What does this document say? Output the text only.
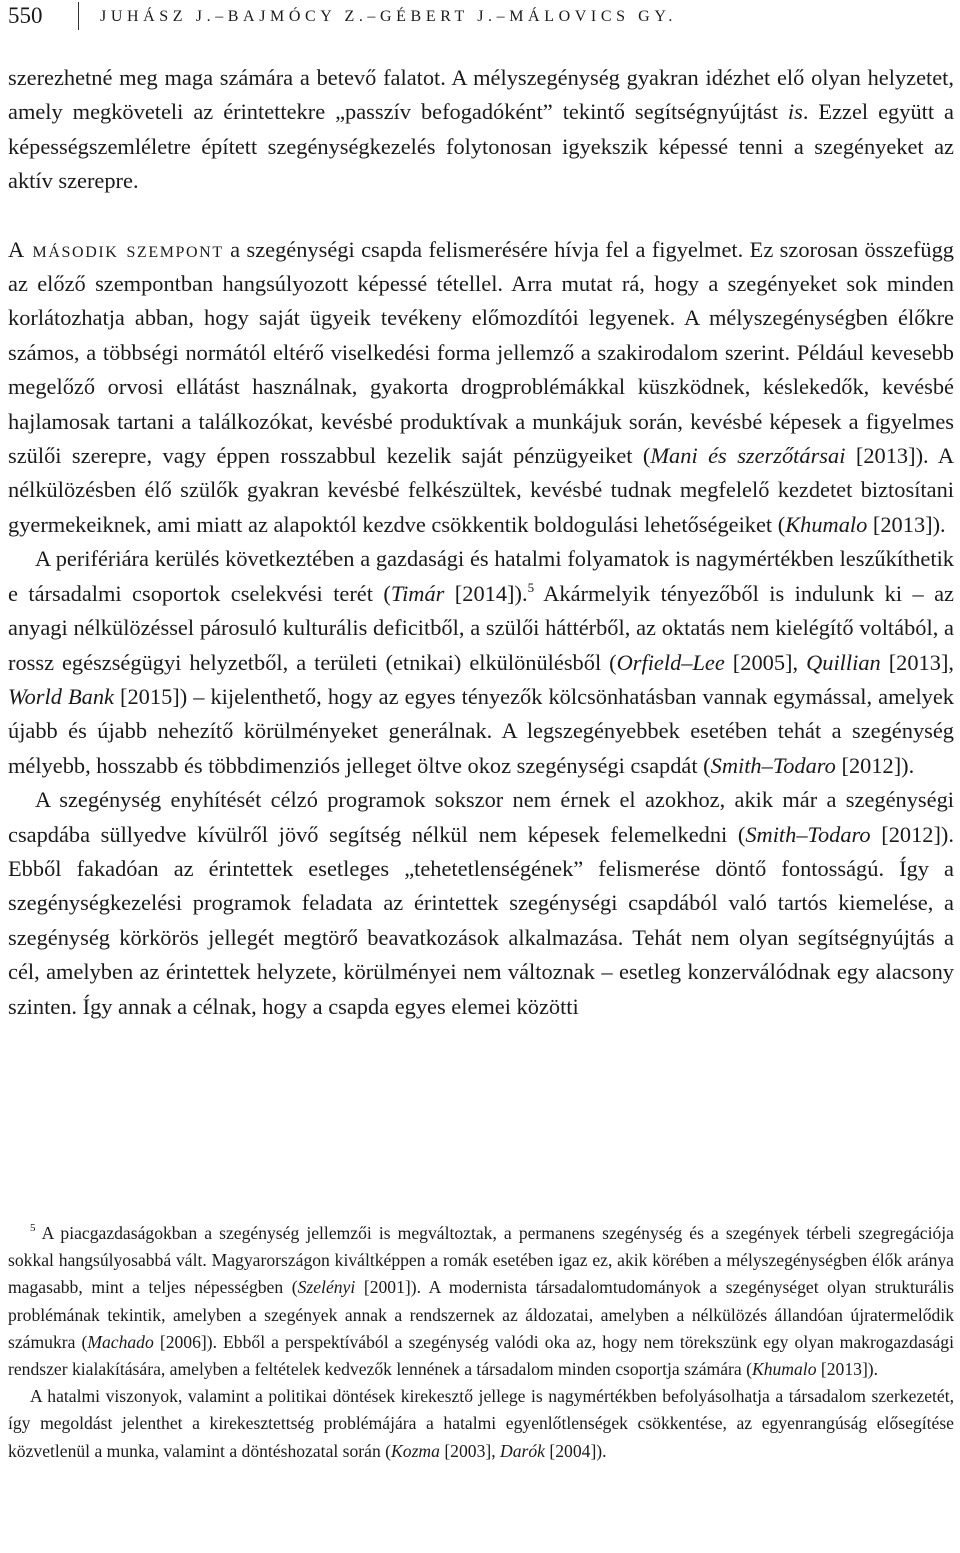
550	JUHÁSZ J.–BAJMÓCY Z.–GÉBERT J.–MÁLOVICS GY.

szerezhetné meg maga számára a betevő falatot. A mélyszegénység gyakran idézhet elő olyan helyzetet, amely megköveteli az érintettekre „passzív befogadóként” tekintő segítségnyújtást is. Ezzel együtt a képességszemléletre épített szegénységkezelés folytonosan igyekszik képessé tenni a szegényeket az aktív szerepre.

A második szempont a szegénységi csapda felismerésére hívja fel a figyelmet. Ez szorosan összefügg az előző szempontban hangsúlyozott képessé tétellel. Arra mutat rá, hogy a szegényeket sok minden korlátozhatja abban, hogy saját ügyeik tevékeny előmozdítói legyenek. A mélyszegénységben élőkre számos, a többségi normától eltérő viselkedési forma jellemző a szakirodalom szerint. Például kevesebb megelőző orvosi ellátást használnak, gyakorta drogproblémákkal küszködnek, késlekedők, kevésbé hajlamosak tartani a találkozókat, kevésbé produktívak a munkájuk során, kevésbé képesek a figyelmes szülői szerepre, vagy éppen rosszabbul kezelik saját pénzügyeiket (Mani és szerzőtársai [2013]). A nélkülözésben élő szülők gyakran kevésbé felkészültek, kevésbé tudnak megfelelő kezdetet biztosítani gyermekeiknek, ami miatt az alapoktól kezdve csökkentik boldogulási lehetőségeiket (Khumalo [2013]).

A perifériára kerülés következtében a gazdasági és hatalmi folyamatok is nagymértékben leszűkíthetik e társadalmi csoportok cselekvési terét (Timár [2014]).$^5$ Akármelyik tényezőből is indulunk ki – az anyagi nélkülözéssel párosuló kulturális deficitből, a szülői háttérből, az oktatás nem kielégítő voltából, a rossz egészségügyi helyzetből, a területi (etnikai) elkülönülésből (Orfield–Lee [2005], Quillian [2013], World Bank [2015]) – kijelenthető, hogy az egyes tényezők kölcsönhatásban vannak egymással, amelyek újabb és újabb nehezítő körülményeket generálnak. A legszegényebbek esetében tehát a szegénység mélyebb, hosszabb és többdimenziós jelleget öltve okoz szegénységi csapdát (Smith–Todaro [2012]).

A szegénység enyhítését célzó programok sokszor nem érnek el azokhoz, akik már a szegénységi csapdába süllyedve kívülről jövő segítség nélkül nem képesek felemelkedni (Smith–Todaro [2012]). Ebből fakadóan az érintettek esetleges „tehetetlenségének” felismerése döntő fontosságú. Így a szegénységkezelési programok feladata az érintettek szegénységi csapdából való tartós kiemelése, a szegénység körkörös jellegét megtörő beavatkozások alkalmazása. Tehát nem olyan segítségnyújtás a cél, amelyben az érintettek helyzete, körülményei nem változnak – esetleg konzerválódnak egy alacsony szinten. Így annak a célnak, hogy a csapda egyes elemei közötti

$^5$ A piacgazdaságokban a szegénység jellemzői is megváltoztak, a permanens szegénység és a szegények térbeli szegregációja sokkal hangsúlyosabbá vált. Magyarországon kiváltképpen a romák esetében igaz ez, akik körében a mélyszegénységben élők aránya magasabb, mint a teljes népességben (Szelényi [2001]). A modernista társadalomtudományok a szegénységet olyan strukturális problémának tekintik, amelyben a szegények annak a rendszernek az áldozatai, amelyben a nélkülözés állandóan újratermelődik számukra (Machado [2006]). Ebből a perspektívából a szegénység valódi oka az, hogy nem törekszünk egy olyan makrogazdasági rendszer kialakítására, amelyben a feltételek kedvezők lennének a társadalom minden csoportja számára (Khumalo [2013]).

A hatalmi viszonyok, valamint a politikai döntések kirekesztő jellege is nagymértékben befolyásolhatja a társadalom szerkezetét, így megoldást jelenthet a kirekesztettség problémájára a hatalmi egyenlőtlenségek csökkentése, az egyenrangúság elősegítése közvetlenül a munka, valamint a döntéshozatal során (Kozma [2003], Darók [2004]).
